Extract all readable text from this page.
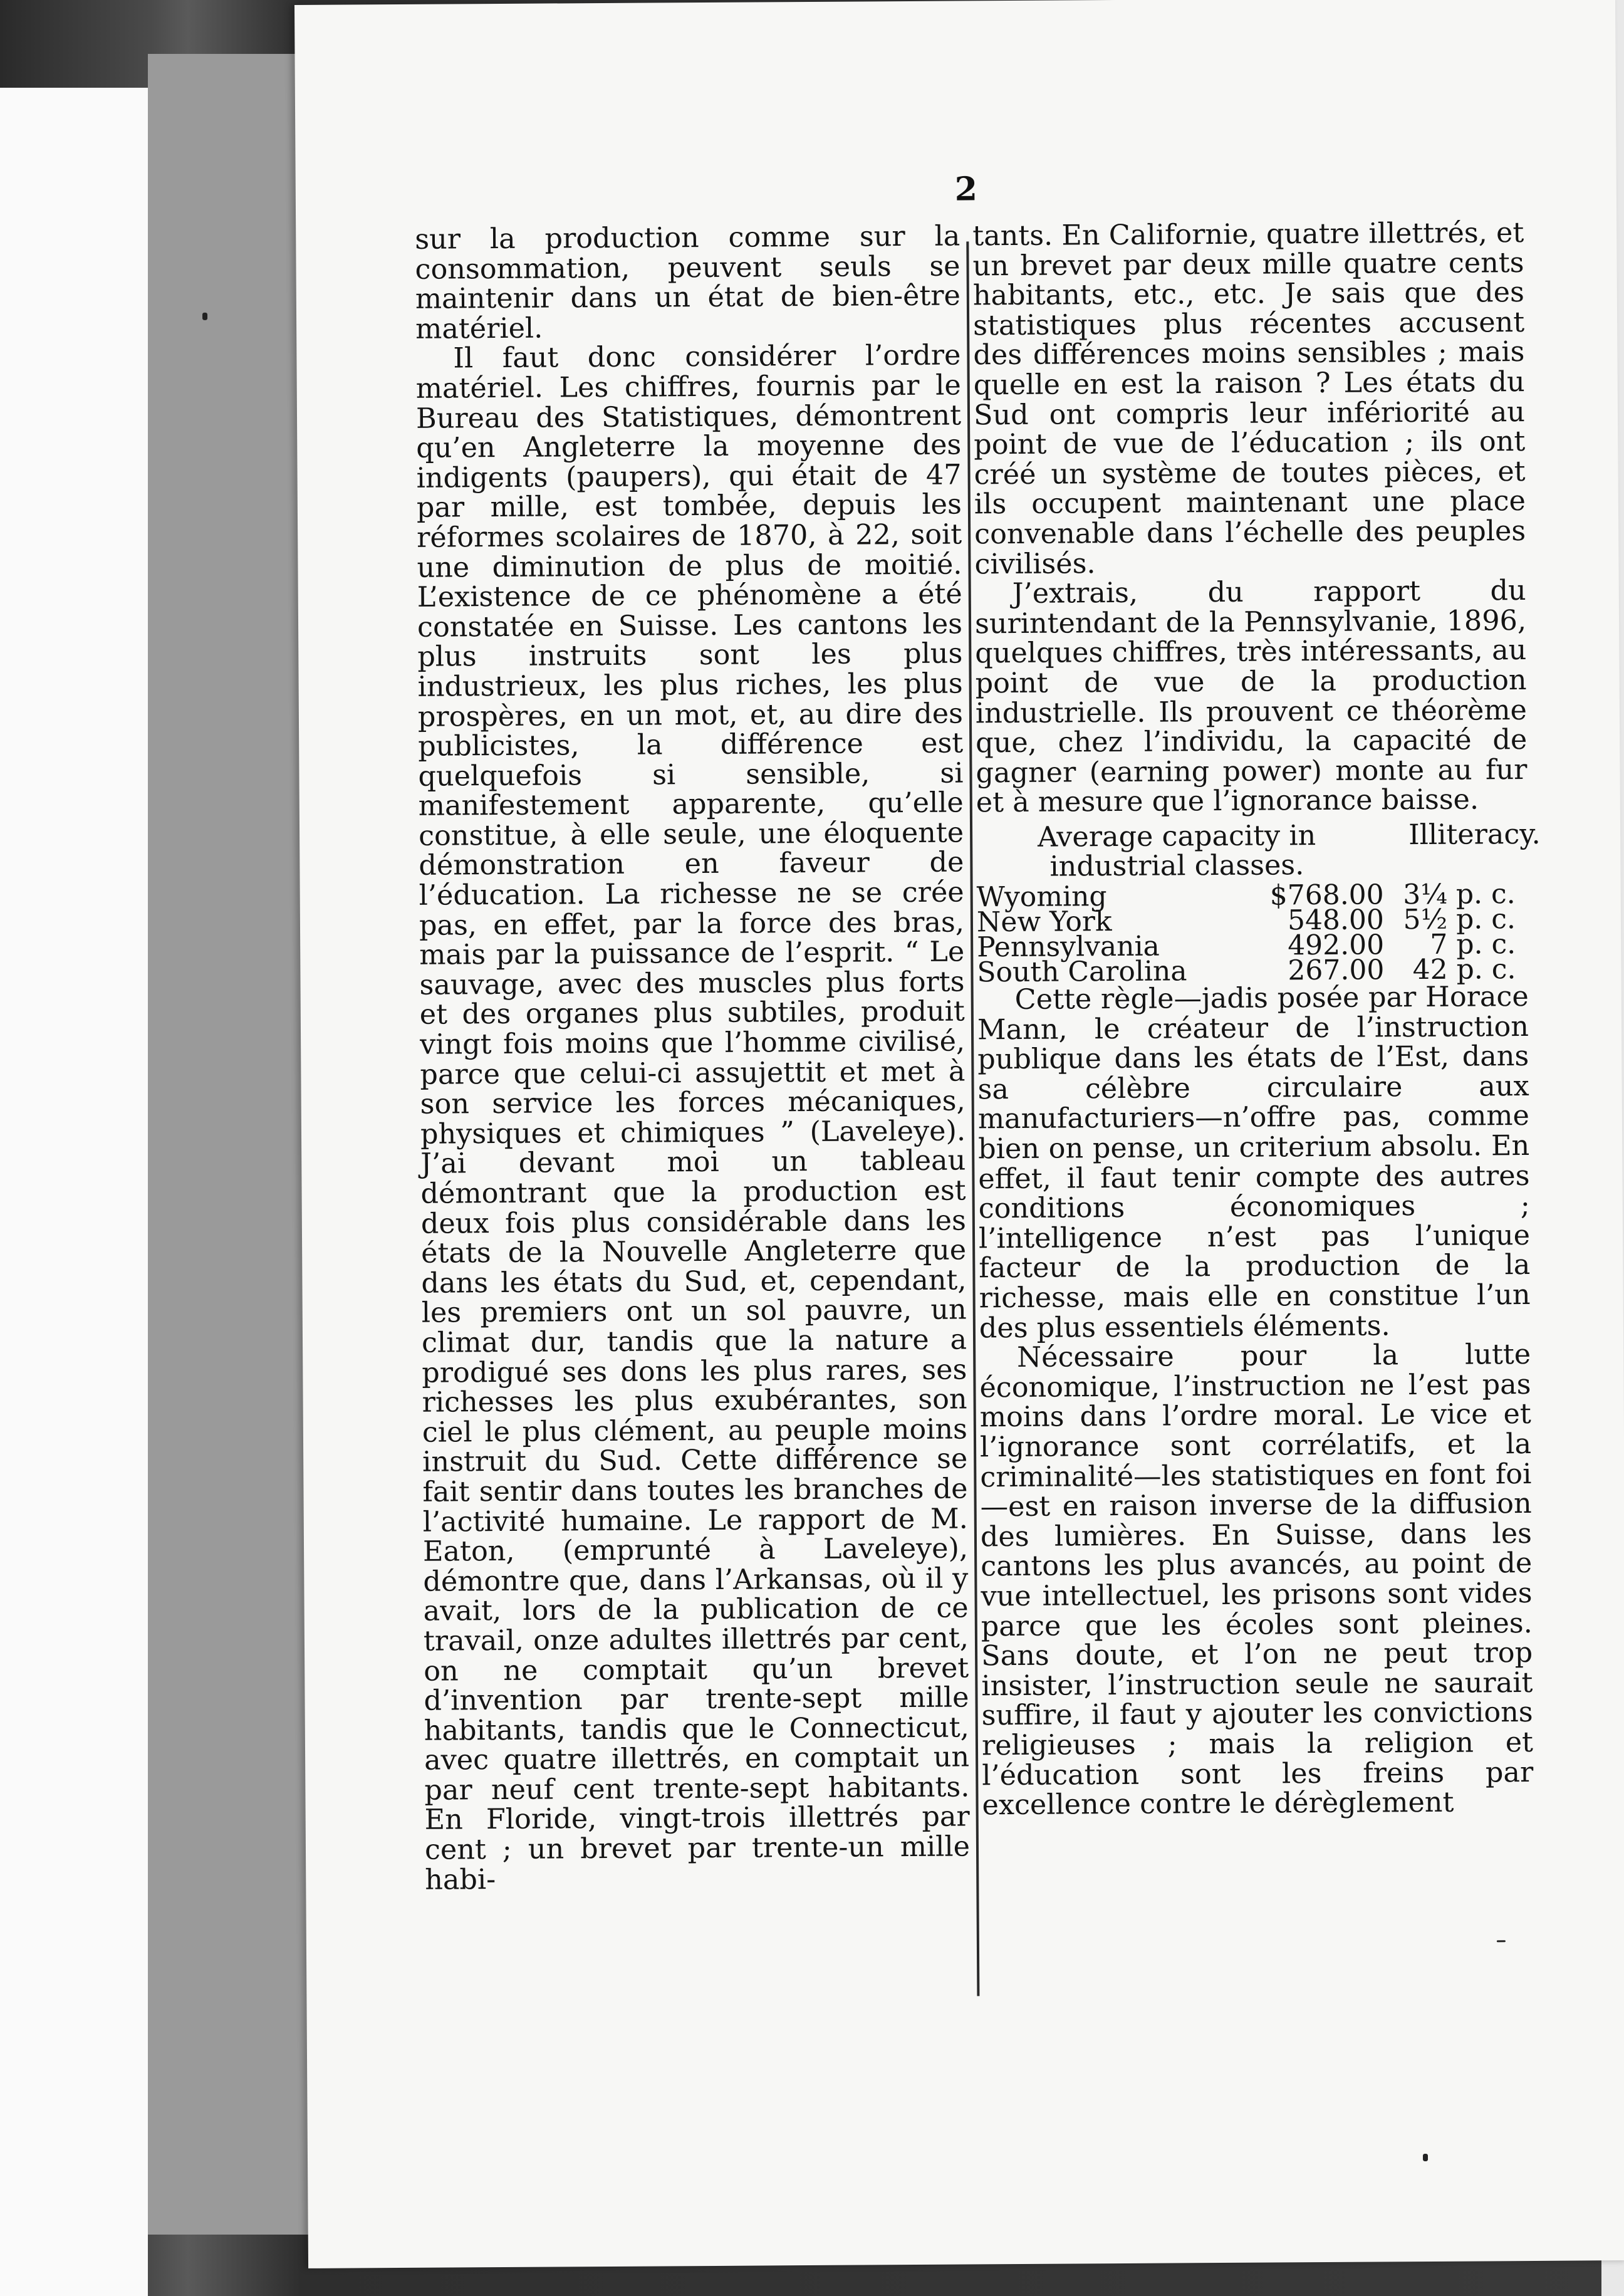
2

sur la production comme sur la consommation, peuvent seuls se maintenir dans un état de bien-être matériel.

Il faut donc considérer l’ordre matériel. Les chiffres, fournis par le Bureau des Statistiques, démontrent qu’en Angleterre la moyenne des indigents (paupers), qui était de 47 par mille, est tombée, depuis les réformes scolaires de 1870, à 22, soit une diminution de plus de moitié. L’existence de ce phénomène a été constatée en Suisse. Les cantons les plus instruits sont les plus industrieux, les plus riches, les plus prospères, en un mot, et, au dire des publicistes, la différence est quelquefois si sensible, si manifestement apparente, qu’elle constitue, à elle seule, une éloquente démonstration en faveur de l’éducation. La richesse ne se crée pas, en effet, par la force des bras, mais par la puissance de l’esprit. “ Le sauvage, avec des muscles plus forts et des organes plus subtiles, produit vingt fois moins que l’homme civilisé, parce que celui-ci assujettit et met à son service les forces mécaniques, physiques et chimiques ” (Laveleye). J’ai devant moi un tableau démontrant que la production est deux fois plus considérable dans les états de la Nouvelle Angleterre que dans les états du Sud, et, cependant, les premiers ont un sol pauvre, un climat dur, tandis que la nature a prodigué ses dons les plus rares, ses richesses les plus exubérantes, son ciel le plus clément, au peuple moins instruit du Sud. Cette différence se fait sentir dans toutes les branches de l’activité humaine. Le rapport de M. Eaton, (emprunté à Laveleye), démontre que, dans l’Arkansas, où il y avait, lors de la publication de ce travail, onze adultes illettrés par cent, on ne comptait qu’un brevet d’invention par trente-sept mille habitants, tandis que le Connecticut, avec quatre illettrés, en comptait un par neuf cent trente-sept habitants. En Floride, vingt-trois illettrés par cent ; un brevet par trente-un mille habi-

tants. En Californie, quatre illettrés, et un brevet par deux mille quatre cents habitants, etc., etc. Je sais que des statistiques plus récentes accusent des différences moins sensibles ; mais quelle en est la raison ? Les états du Sud ont compris leur infériorité au point de vue de l’éducation ; ils ont créé un système de toutes pièces, et ils occupent maintenant une place convenable dans l’échelle des peuples civilisés.

J’extrais, du rapport du surintendant de la Pennsylvanie, 1896, quelques chiffres, très intéressants, au point de vue de la production industrielle. Ils prouvent ce théorème que, chez l’individu, la capacité de gagner (earning power) monte au fur et à mesure que l’ignorance baisse.

Average capacity in industrial classes.
Illiteracy.
Wyoming	$768.00 3¼ p. c.
New York	548.00 5½ p. c.
Pennsylvania	492.00	7 p. c.
South Carolina	267.00	42 p. c.

Cette règle—jadis posée par Horace Mann, le créateur de l’instruction publique dans les états de l’Est, dans sa célèbre circulaire aux manufacturiers—n’offre pas, comme bien on pense, un criterium absolu. En effet, il faut tenir compte des autres conditions économiques ; l’intelligence n’est pas l’unique facteur de la production de la richesse, mais elle en constitue l’un des plus essentiels éléments.

Nécessaire pour la lutte économique, l’instruction ne l’est pas moins dans l’ordre moral. Le vice et l’ignorance sont corrélatifs, et la criminalité—les statistiques en font foi—est en raison inverse de la diffusion des lumières. En Suisse, dans les cantons les plus avancés, au point de vue intellectuel, les prisons sont vides parce que les écoles sont pleines. Sans doute, et l’on ne peut trop insister, l’instruction seule ne saurait suffire, il faut y ajouter les convictions religieuses ; mais la religion et l’éducation sont les freins par excellence contre le dérèglement
